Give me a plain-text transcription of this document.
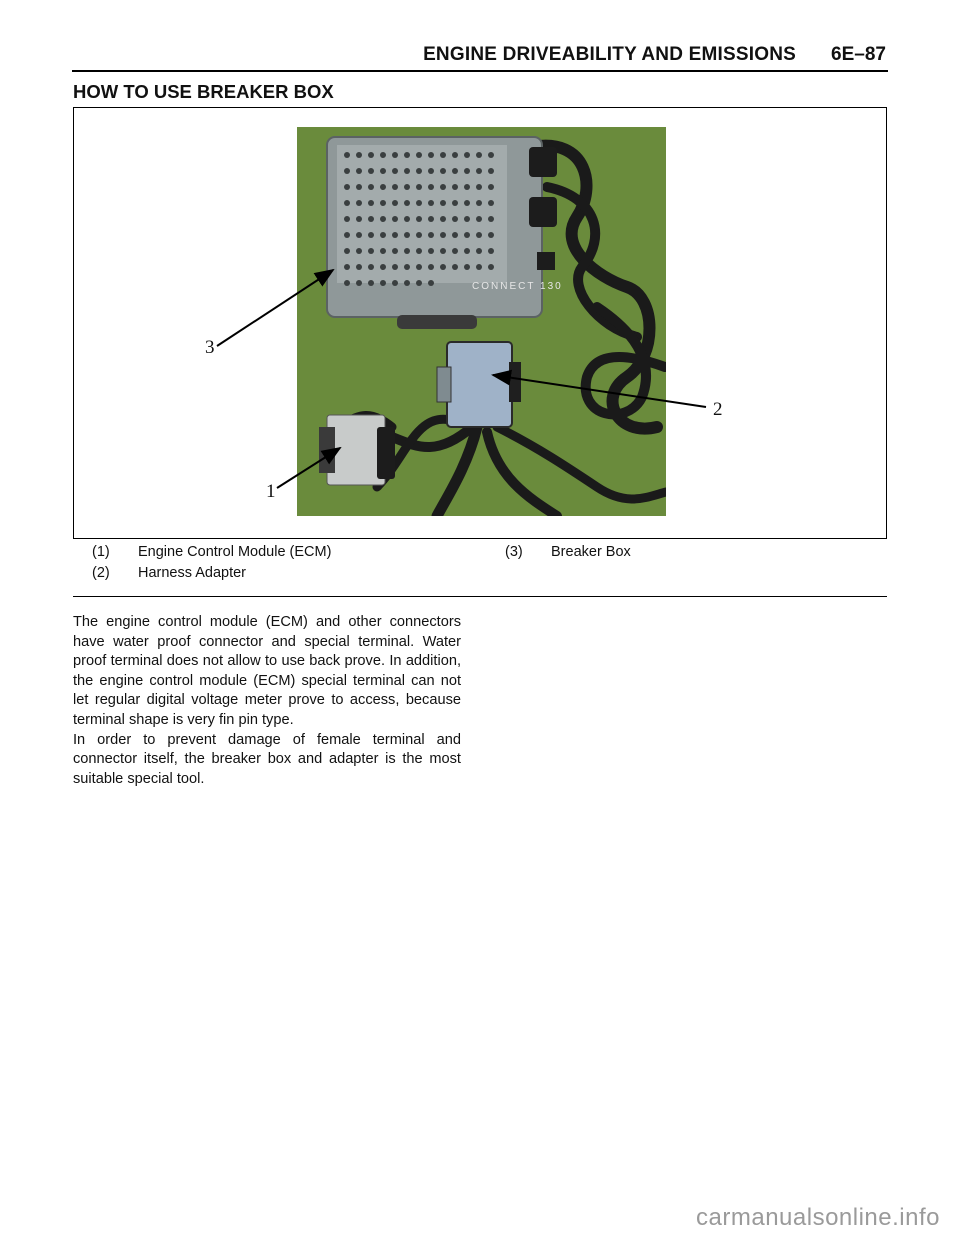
ENGINE DRIVEABILITY AND EMISSIONS 6E–87
HOW TO USE BREAKER BOX
CONNECT 130
3
2
1
(1) Engine Control Module (ECM)
(2) Harness Adapter
(3) Breaker Box

The engine control module (ECM) and other connectors have water proof connector and special terminal. Water proof terminal does not allow to use back prove. In addition, the engine control module (ECM) special terminal can not let regular digital voltage meter prove to access, because terminal shape is very fin pin type.

In order to prevent damage of female terminal and connector itself, the breaker box and adapter is the most suitable special tool.

carmanualsonline.info
